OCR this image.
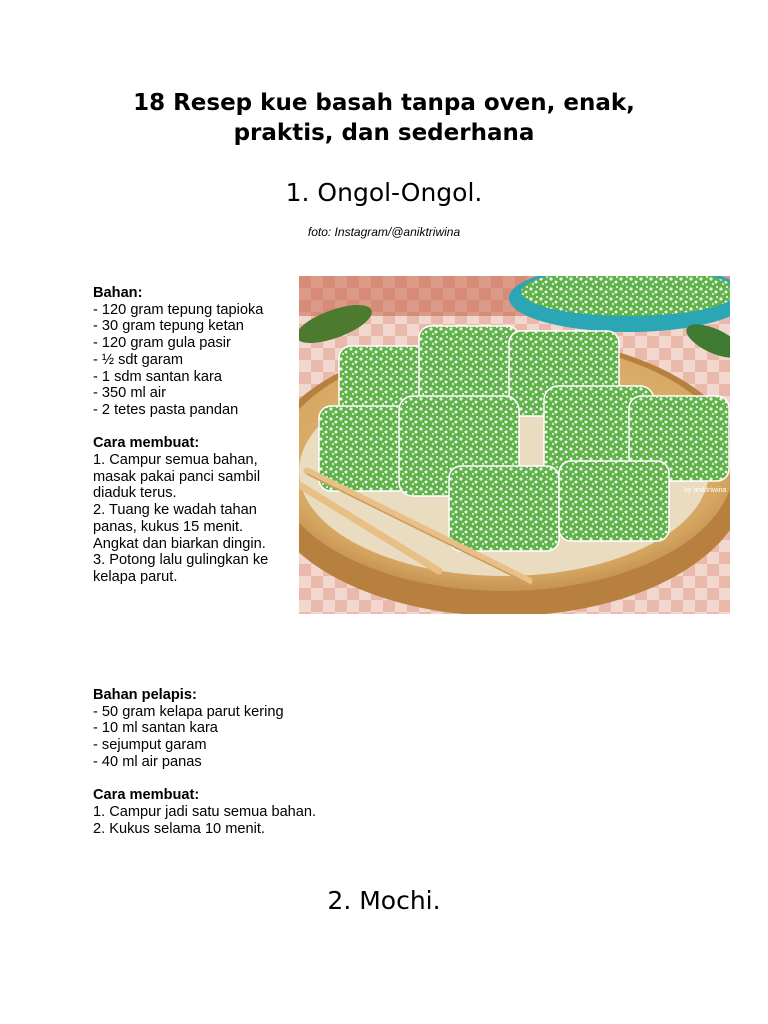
18 Resep kue basah tanpa oven, enak,
praktis, dan sederhana
1. Ongol-Ongol.
foto: Instagram/@aniktriwina
Bahan:
- 120 gram tepung tapioka
- 30 gram tepung ketan
- 120 gram gula pasir
- ½ sdt garam
- 1 sdm santan kara
- 350 ml air
- 2 tetes pasta pandan
Cara membuat:
1. Campur semua bahan,
masak pakai panci sambil
diaduk terus.
2. Tuang ke wadah tahan
panas, kukus 15 menit.
Angkat dan biarkan dingin.
3. Potong lalu gulingkan ke
kelapa parut.
by aniktriwina
Bahan pelapis:
- 50 gram kelapa parut kering
- 10 ml santan kara
- sejumput garam
- 40 ml air panas
Cara membuat:
1. Campur jadi satu semua bahan.
2. Kukus selama 10 menit.
2. Mochi.
